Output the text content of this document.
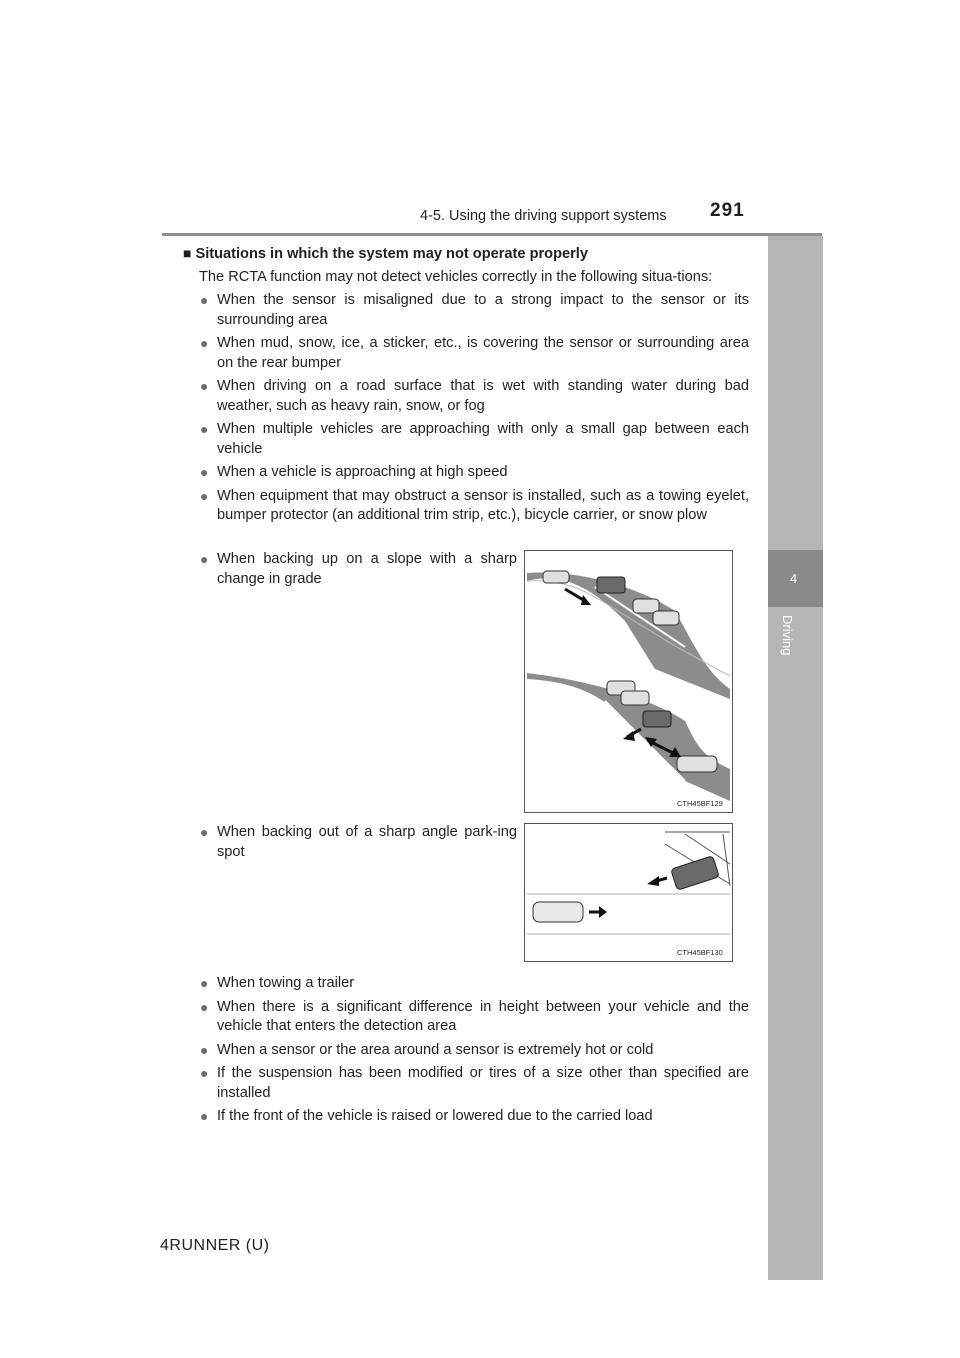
4-5. Using the driving support systems 291
4
Driving

■ Situations in which the system may not operate properly

The RCTA function may not detect vehicles correctly in the following situa-tions:
● When the sensor is misaligned due to a strong impact to the sensor or its surrounding area
● When mud, snow, ice, a sticker, etc., is covering the sensor or surrounding area on the rear bumper
● When driving on a road surface that is wet with standing water during bad weather, such as heavy rain, snow, or fog
● When multiple vehicles are approaching with only a small gap between each vehicle
● When a vehicle is approaching at high speed
● When equipment that may obstruct a sensor is installed, such as a towing eyelet, bumper protector (an additional trim strip, etc.), bicycle carrier, or snow plow
● When backing up on a slope with a sharp change in grade
CTH45BF129
● When backing out of a sharp angle park-ing spot
CTH45BF130
● When towing a trailer
● When there is a significant difference in height between your vehicle and the vehicle that enters the detection area
● When a sensor or the area around a sensor is extremely hot or cold
● If the suspension has been modified or tires of a size other than specified are installed
● If the front of the vehicle is raised or lowered due to the carried load
4RUNNER (U)
